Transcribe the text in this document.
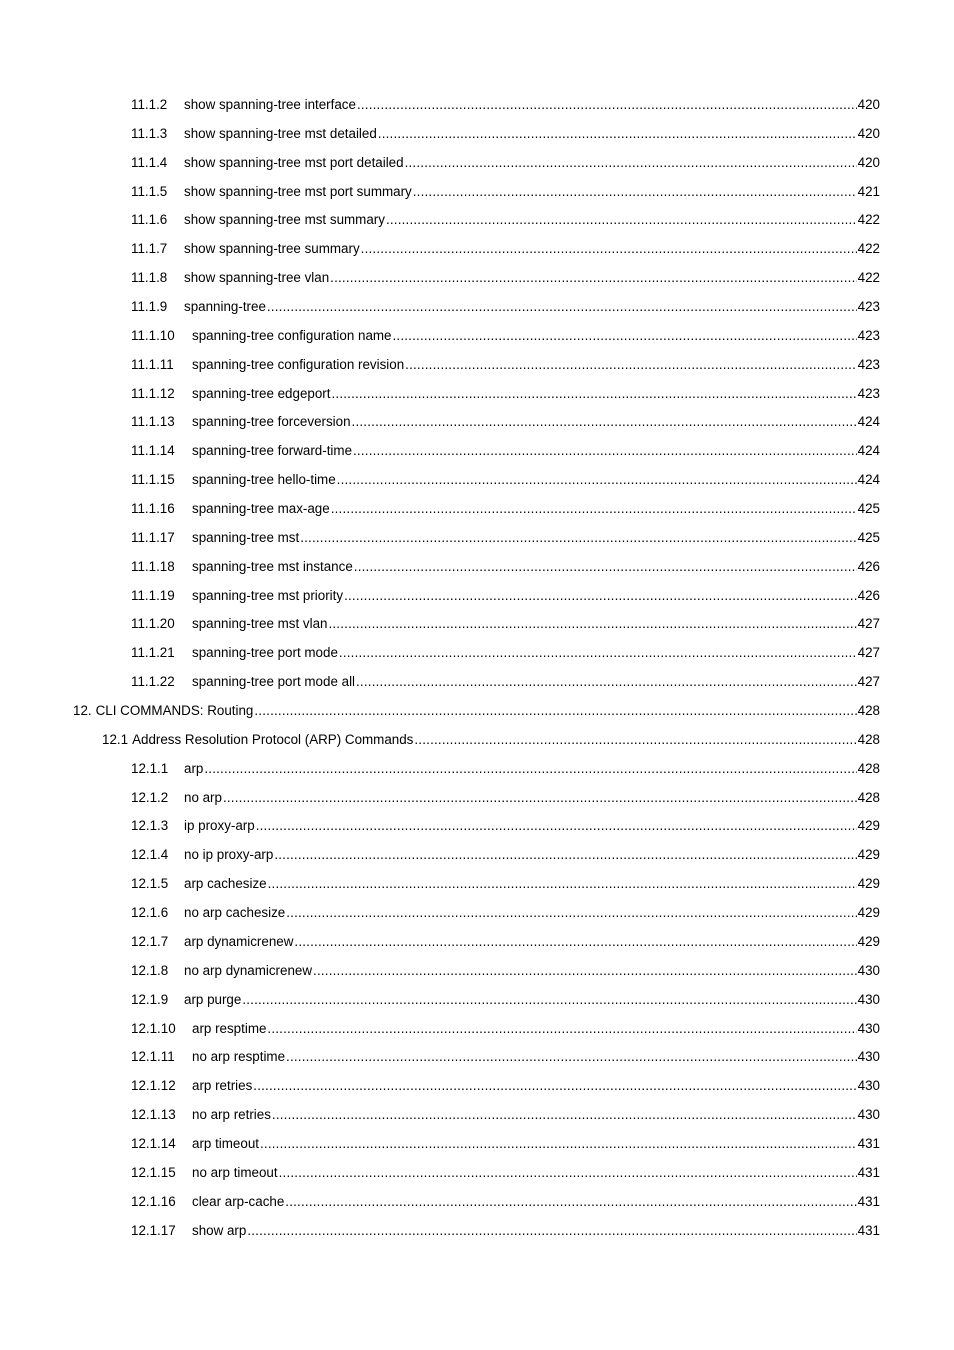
11.1.2	show spanning-tree interface .....	420
11.1.3	show spanning-tree mst detailed .....	420
11.1.4	show spanning-tree mst port detailed .....	420
11.1.5	show spanning-tree mst port summary .....	421
11.1.6	show spanning-tree mst summary .....	422
11.1.7	show spanning-tree summary .....	422
11.1.8	show spanning-tree vlan .....	422
11.1.9	spanning-tree .....	423
11.1.10	spanning-tree configuration name .....	423
11.1.11	spanning-tree configuration revision .....	423
11.1.12	spanning-tree edgeport .....	423
11.1.13	spanning-tree forceversion .....	424
11.1.14	spanning-tree forward-time .....	424
11.1.15	spanning-tree hello-time .....	424
11.1.16	spanning-tree max-age .....	425
11.1.17	spanning-tree mst .....	425
11.1.18	spanning-tree mst instance .....	426
11.1.19	spanning-tree mst priority .....	426
11.1.20	spanning-tree mst vlan .....	427
11.1.21	spanning-tree port mode .....	427
11.1.22	spanning-tree port mode all .....	427
12. CLI COMMANDS: Routing .....	428
12.1 Address Resolution Protocol (ARP) Commands .....	428
12.1.1	arp .....	428
12.1.2	no arp .....	428
12.1.3	ip proxy-arp .....	429
12.1.4	no ip proxy-arp .....	429
12.1.5	arp cachesize .....	429
12.1.6	no arp cachesize .....	429
12.1.7	arp dynamicrenew .....	429
12.1.8	no arp dynamicrenew .....	430
12.1.9	arp purge .....	430
12.1.10	arp resptime .....	430
12.1.11	no arp resptime .....	430
12.1.12	arp retries .....	430
12.1.13	no arp retries .....	430
12.1.14	arp timeout .....	431
12.1.15	no arp timeout .....	431
12.1.16	clear arp-cache .....	431
12.1.17	show arp .....	431
